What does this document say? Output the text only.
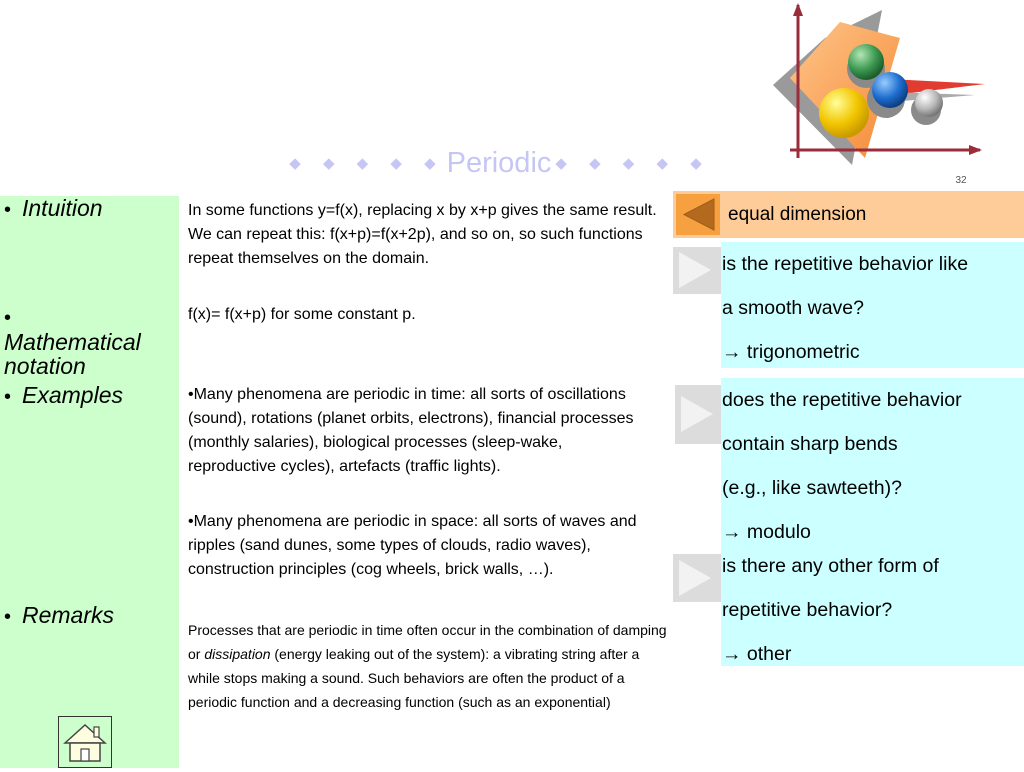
◆ ◆ ◆ ◆ ◆ Periodic ◆ ◆ ◆ ◆ ◆
32
• Intuition
•Mathematical notation
• Examples
• Remarks
In some functions y=f(x), replacing x by x+p gives the same result. We can repeat this: f(x+p)=f(x+2p), and so on, so such functions repeat themselves on the domain.
f(x)= f(x+p) for some constant p.
•Many phenomena are periodic in time: all sorts of oscillations (sound), rotations (planet orbits, electrons), financial processes (monthly salaries), biological processes (sleep-wake, reproductive cycles), artefacts (traffic lights).
•Many phenomena are periodic in space: all sorts of waves and ripples (sand dunes, some types of clouds, radio waves), construction principles (cog wheels, brick walls, …).
Processes that are periodic in time often occur in the combination of damping or dissipation (energy leaking out of the system): a vibrating string after a while stops making a sound. Such behaviors are often the product of a periodic function and a decreasing function (such as an exponential)
equal dimension
is the repetitive behavior like
a smooth wave?
→ trigonometric
does the repetitive behavior
contain sharp bends
(e.g., like sawteeth)?
→ modulo
is there any other form of
repetitive behavior?
→ other
